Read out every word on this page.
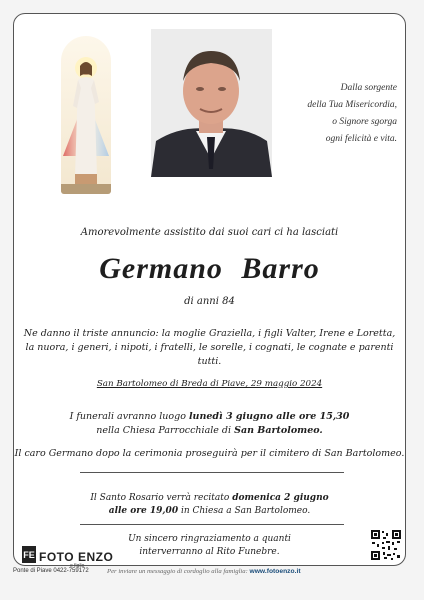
Dalla sorgente
della Tua Misericordia,
o Signore sgorga
ogni felicità e vita.
Amorevolmente assistito dai suoi cari ci ha lasciati
Germano Barro
di anni 84
Ne danno il triste annuncio: la moglie Graziella, i figli Valter, Irene e Loretta,
la nuora, i generi, i nipoti, i fratelli, le sorelle, i cognati, le cognate e parenti tutti.
San Bartolomeo di Breda di Piave, 29 maggio 2024
I funerali avranno luogo lunedì 3 giugno alle ore 15,30
nella Chiesa Parrocchiale di San Bartolomeo.
Il caro Germano dopo la cerimonia proseguirà per il cimitero di San Bartolomeo.
Il Santo Rosario verrà recitato domenica 2 giugno
alle ore 19,00 in Chiesa a San Bartolomeo.
Un sincero ringraziamento a quanti
interverranno al Rito Funebre.
FE FOTO ENZO
e figlio
Ponte di Piave 0422-759172	Per inviare un messaggio di cordoglio alla famiglia: www.fotoenzo.it
